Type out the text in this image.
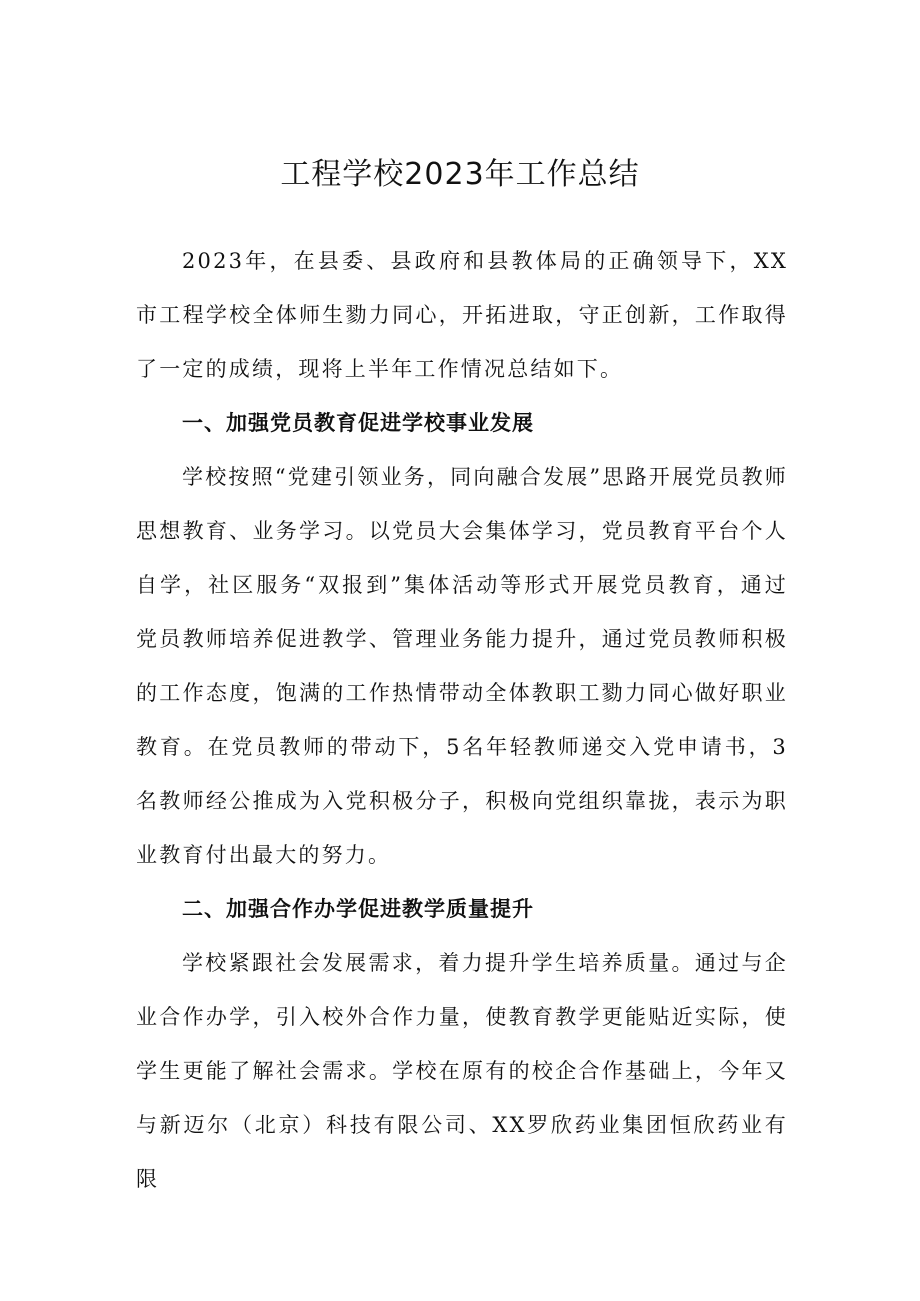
工程学校2023年工作总结

2023年，在县委、县政府和县教体局的正确领导下，XX市工程学校全体师生勠力同心，开拓进取，守正创新，工作取得了一定的成绩，现将上半年工作情况总结如下。

一、加强党员教育促进学校事业发展

学校按照“党建引领业务，同向融合发展”思路开展党员教师思想教育、业务学习。以党员大会集体学习，党员教育平台个人自学，社区服务“双报到”集体活动等形式开展党员教育，通过党员教师培养促进教学、管理业务能力提升，通过党员教师积极的工作态度，饱满的工作热情带动全体教职工勠力同心做好职业教育。在党员教师的带动下，5名年轻教师递交入党申请书，3名教师经公推成为入党积极分子，积极向党组织靠拢，表示为职业教育付出最大的努力。

二、加强合作办学促进教学质量提升

学校紧跟社会发展需求，着力提升学生培养质量。通过与企业合作办学，引入校外合作力量，使教育教学更能贴近实际，使学生更能了解社会需求。学校在原有的校企合作基础上，今年又与新迈尔（北京）科技有限公司、XX罗欣药业集团恒欣药业有限
